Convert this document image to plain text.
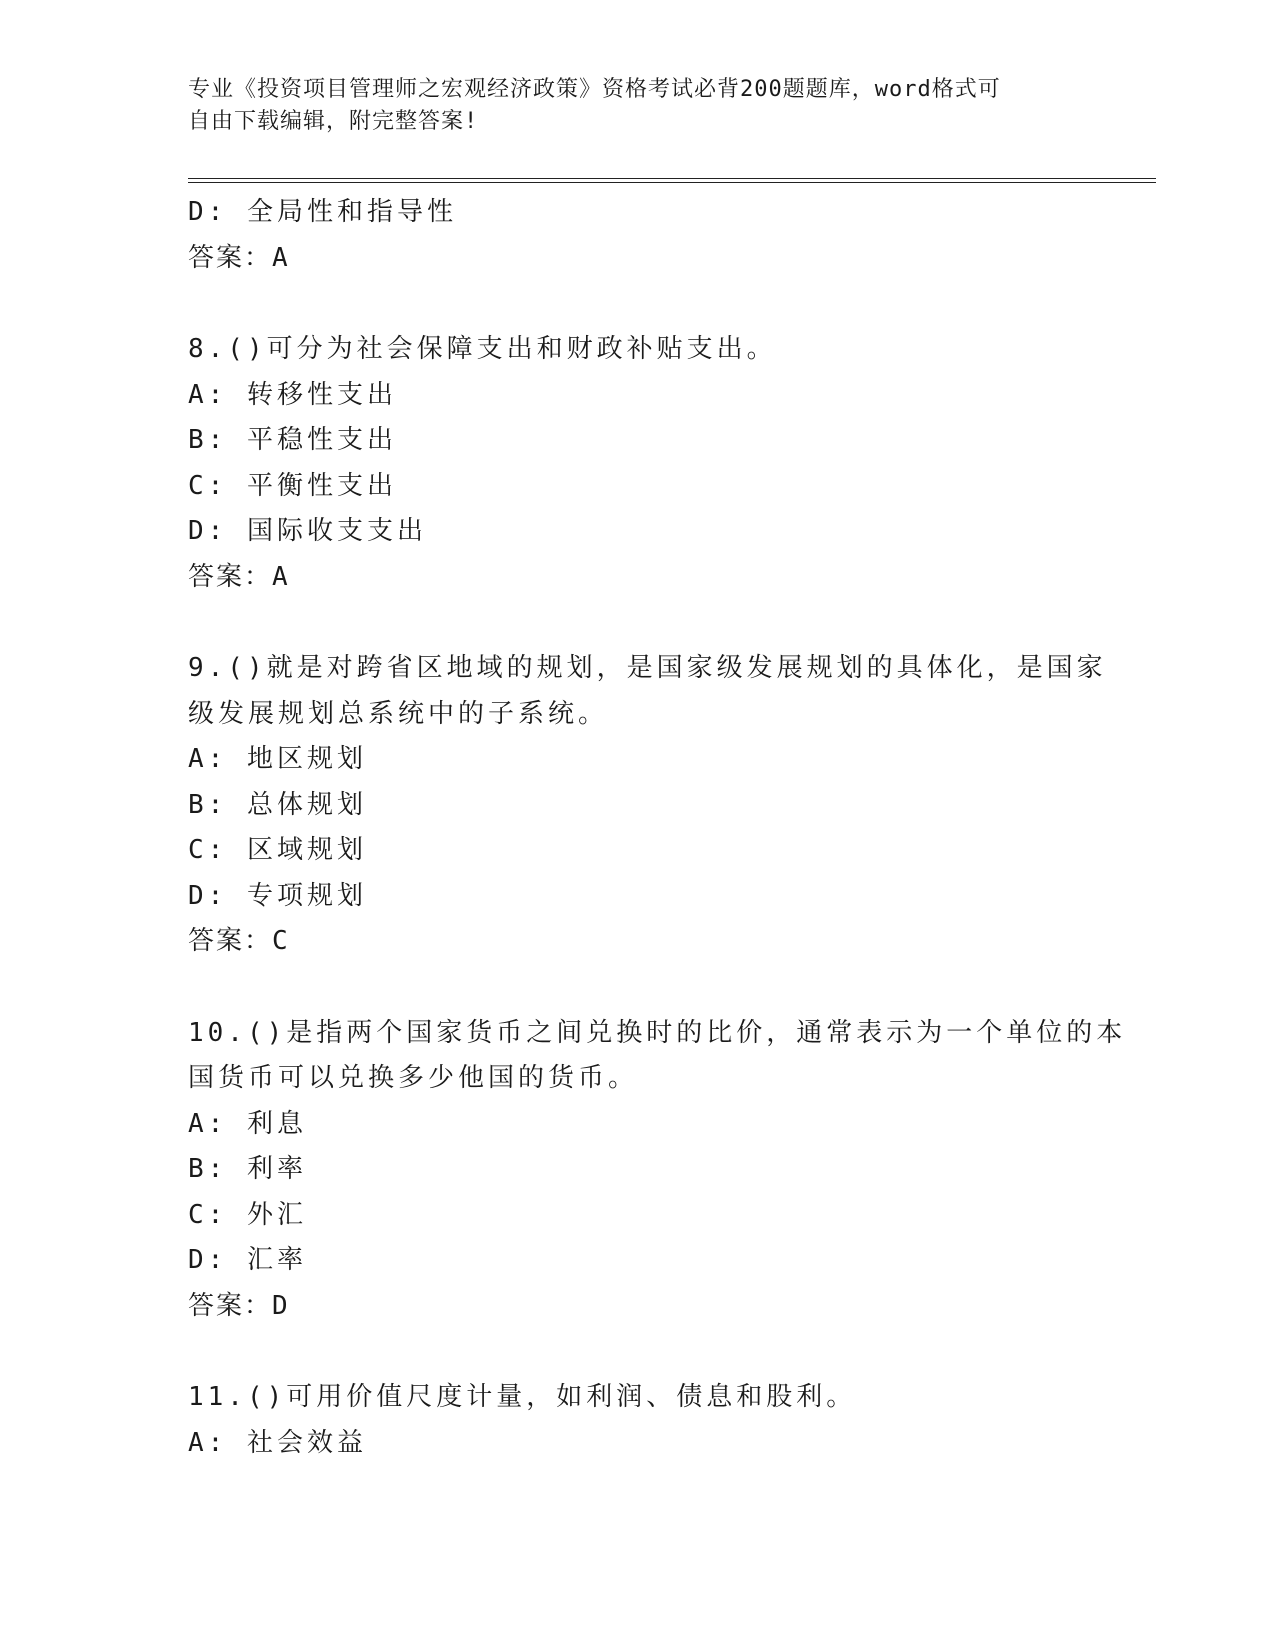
专业《投资项目管理师之宏观经济政策》资格考试必背200题题库，word格式可
自由下载编辑，附完整答案!
D: 全局性和指导性
答案：A
8.()可分为社会保障支出和财政补贴支出。
A: 转移性支出
B: 平稳性支出
C: 平衡性支出
D: 国际收支支出
答案：A
9.()就是对跨省区地域的规划，是国家级发展规划的具体化，是国家
级发展规划总系统中的子系统。
A: 地区规划
B: 总体规划
C: 区域规划
D: 专项规划
答案：C
10.()是指两个国家货币之间兑换时的比价，通常表示为一个单位的本
国货币可以兑换多少他国的货币。
A: 利息
B: 利率
C: 外汇
D: 汇率
答案：D
11.()可用价值尺度计量，如利润、债息和股利。
A: 社会效益
